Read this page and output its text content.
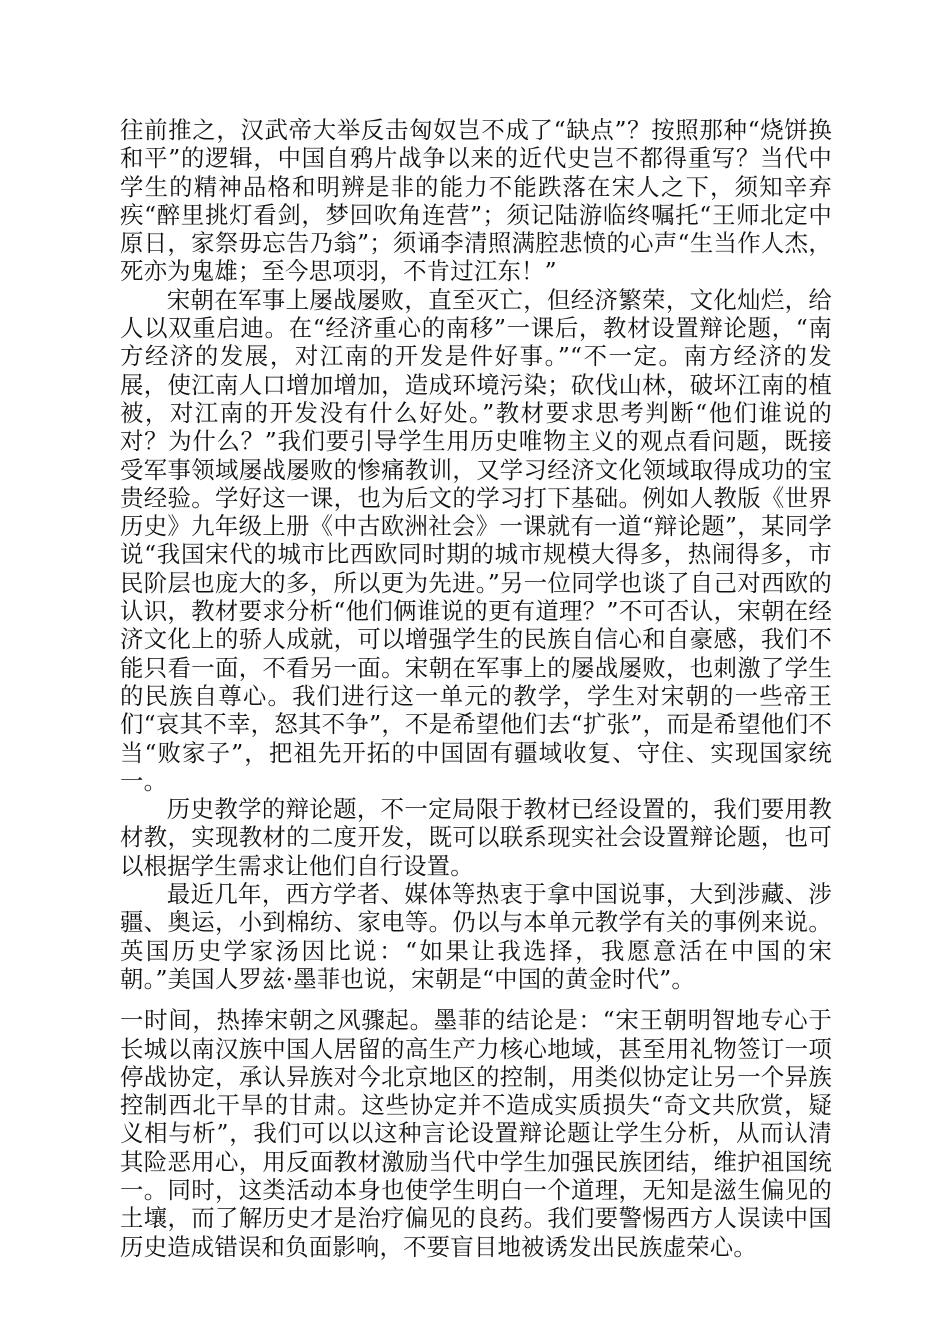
往前推之，汉武帝大举反击匈奴岂不成了“缺点”？按照那种“烧饼换和平”的逻辑，中国自鸦片战争以来的近代史岂不都得重写？当代中学生的精神品格和明辨是非的能力不能跌落在宋人之下，须知辛弃疾“醉里挑灯看剑，梦回吹角连营”；须记陆游临终嘱托“王师北定中原日，家祭毋忘告乃翁”；须诵李清照满腔悲愤的心声“生当作人杰，死亦为鬼雄；至今思项羽，不肯过江东！”

宋朝在军事上屡战屡败，直至灭亡，但经济繁荣，文化灿烂，给人以双重启迪。在“经济重心的南移”一课后，教材设置辩论题，“南方经济的发展，对江南的开发是件好事。”“不一定。南方经济的发展，使江南人口增加增加，造成环境污染；砍伐山林，破坏江南的植被，对江南的开发没有什么好处。”教材要求思考判断“他们谁说的对？为什么？”我们要引导学生用历史唯物主义的观点看问题，既接受军事领域屡战屡败的惨痛教训，又学习经济文化领域取得成功的宝贵经验。学好这一课，也为后文的学习打下基础。例如人教版《世界历史》九年级上册《中古欧洲社会》一课就有一道“辩论题”，某同学说“我国宋代的城市比西欧同时期的城市规模大得多，热闹得多，市民阶层也庞大的多，所以更为先进。”另一位同学也谈了自己对西欧的认识，教材要求分析“他们俩谁说的更有道理？”不可否认，宋朝在经济文化上的骄人成就，可以增强学生的民族自信心和自豪感，我们不能只看一面，不看另一面。宋朝在军事上的屡战屡败，也刺激了学生的民族自尊心。我们进行这一单元的教学，学生对宋朝的一些帝王们“哀其不幸，怒其不争”，不是希望他们去“扩张”，而是希望他们不当“败家子”，把祖先开拓的中国固有疆域收复、守住、实现国家统一。

历史教学的辩论题，不一定局限于教材已经设置的，我们要用教材教，实现教材的二度开发，既可以联系现实社会设置辩论题，也可以根据学生需求让他们自行设置。

最近几年，西方学者、媒体等热衷于拿中国说事，大到涉藏、涉疆、奥运，小到棉纺、家电等。仍以与本单元教学有关的事例来说。英国历史学家汤因比说：“如果让我选择，我愿意活在中国的宋朝。”美国人罗兹·墨菲也说，宋朝是“中国的黄金时代”。

一时间，热捧宋朝之风骤起。墨菲的结论是：“宋王朝明智地专心于长城以南汉族中国人居留的高生产力核心地域，甚至用礼物签订一项停战协定，承认异族对今北京地区的控制，用类似协定让另一个异族控制西北干旱的甘肃。这些协定并不造成实质损失“奇文共欣赏，疑义相与析”，我们可以以这种言论设置辩论题让学生分析，从而认清其险恶用心，用反面教材激励当代中学生加强民族团结，维护祖国统一。同时，这类活动本身也使学生明白一个道理，无知是滋生偏见的土壤，而了解历史才是治疗偏见的良药。我们要警惕西方人误读中国历史造成错误和负面影响，不要盲目地被诱发出民族虚荣心。
